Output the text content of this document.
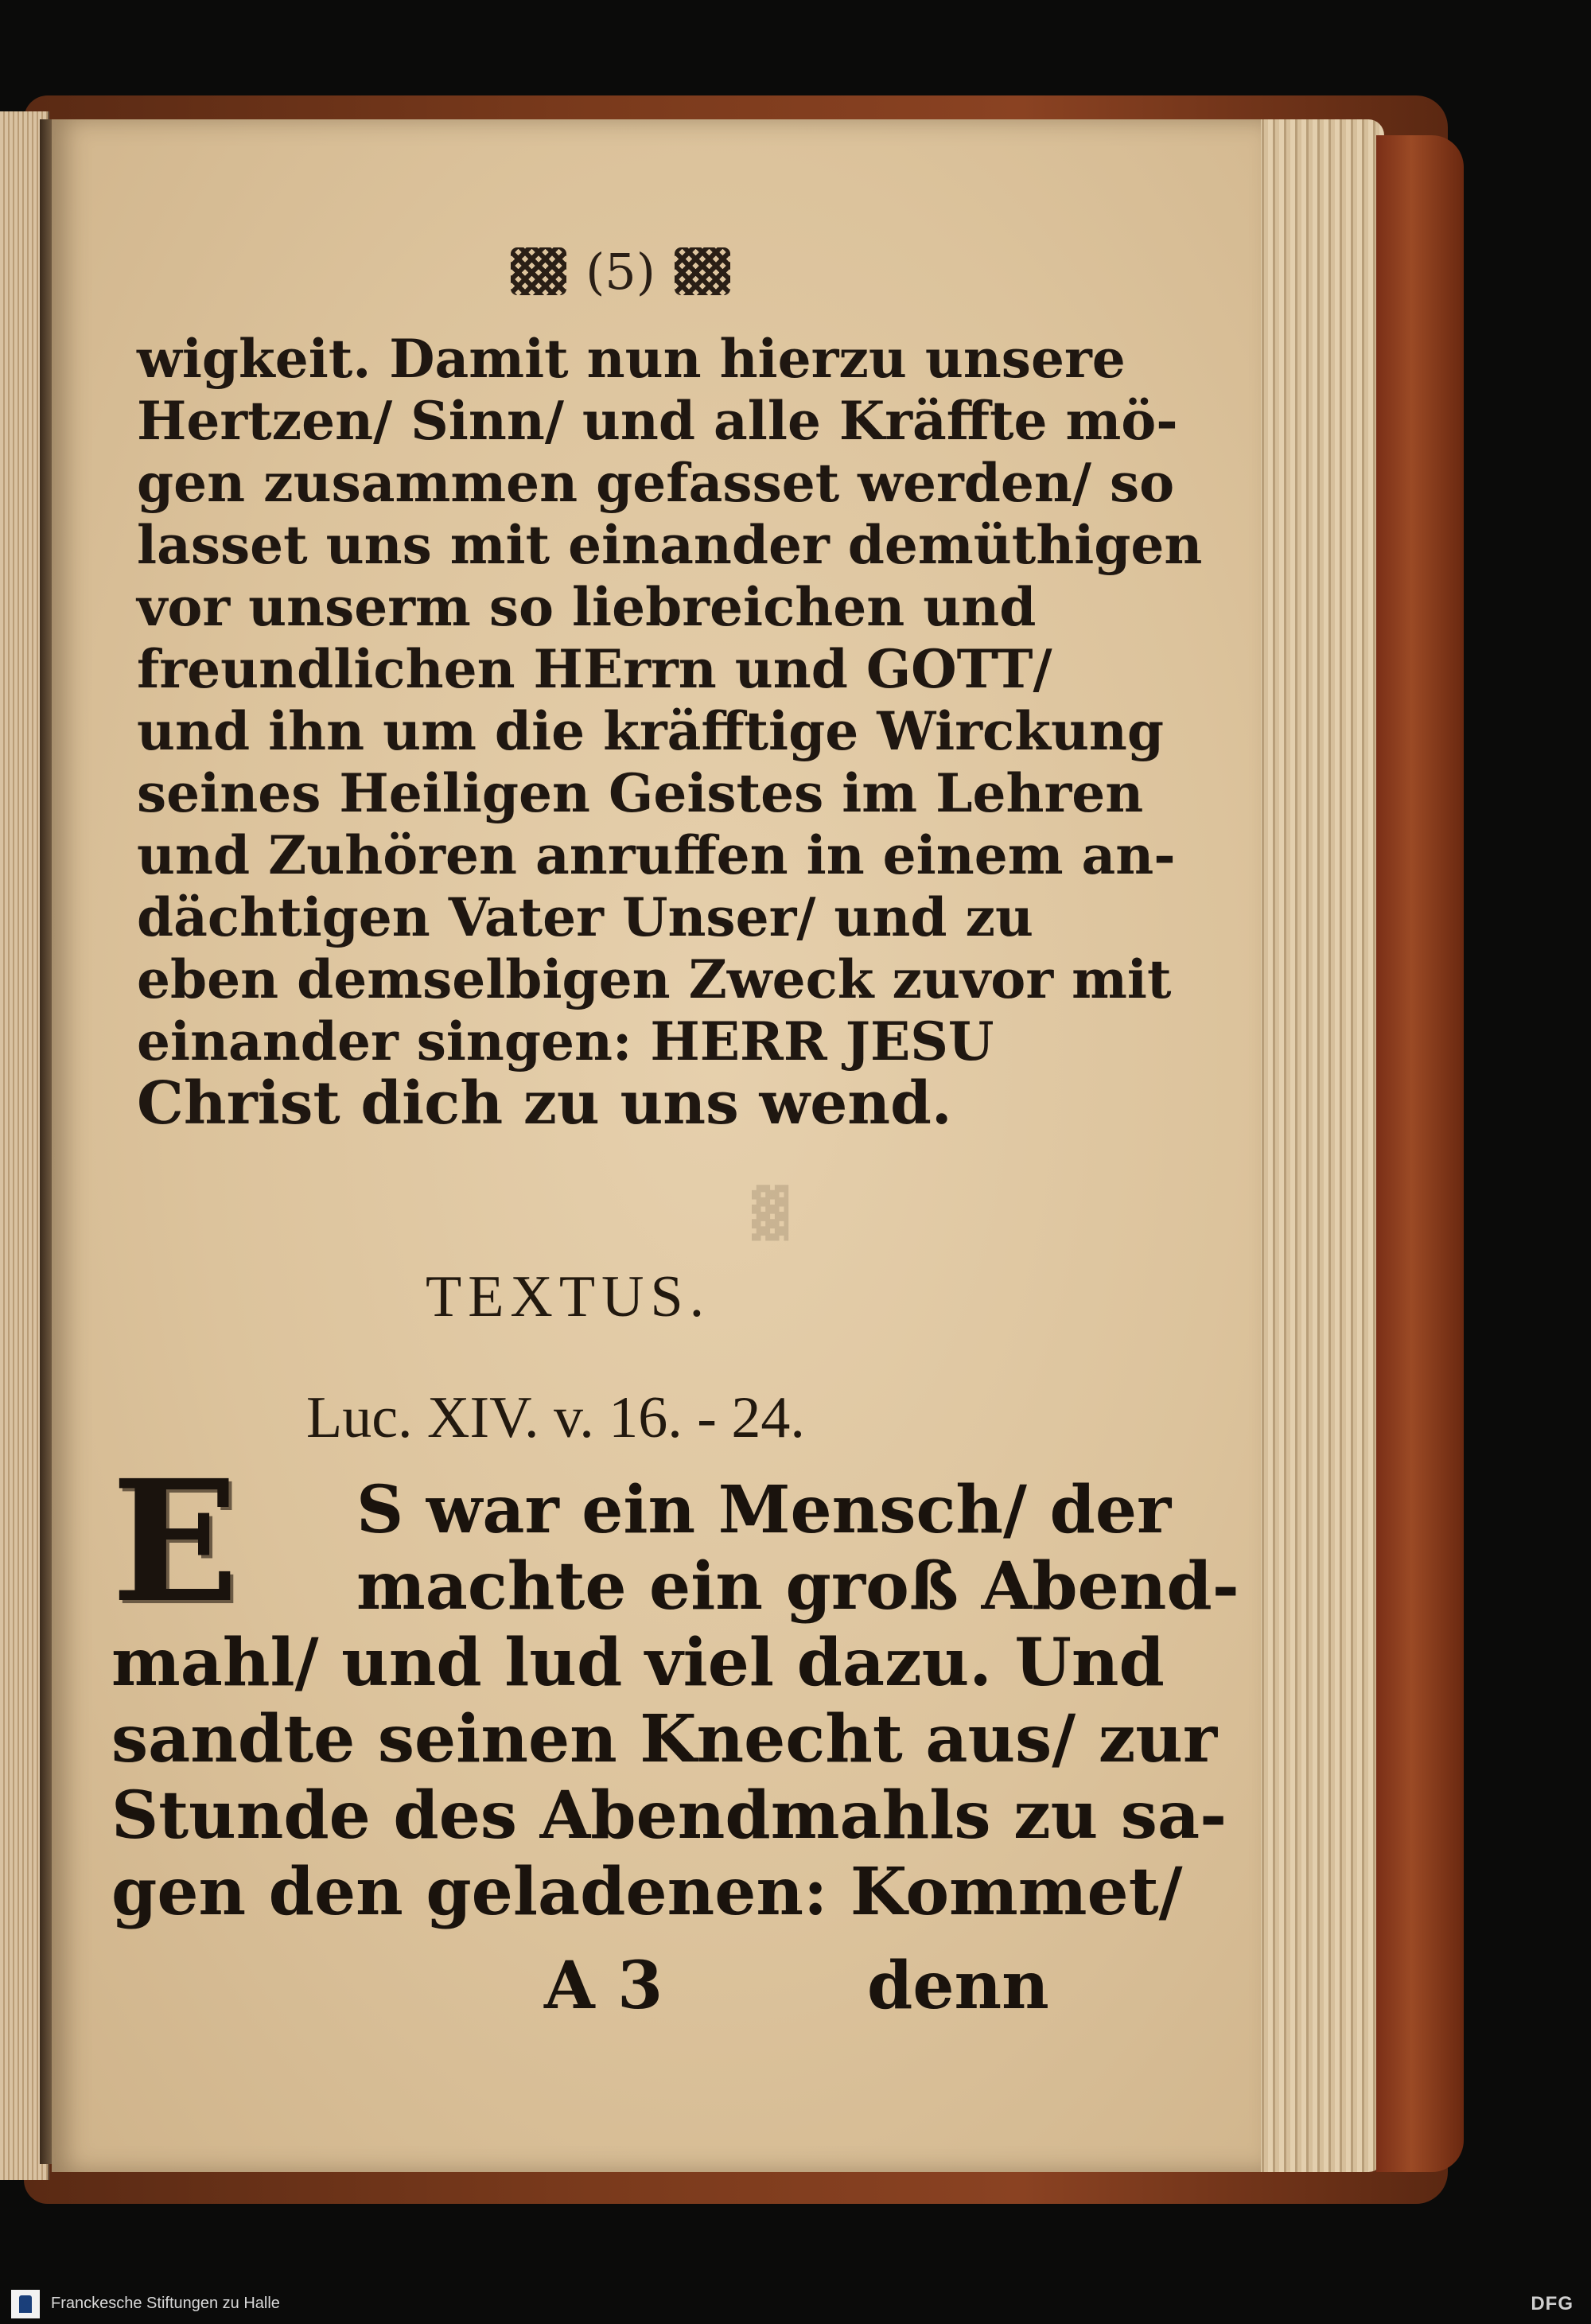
▓
(5)
wigkeit. Damit nun hierzu unsere
Hertzen/ Sinn/ und alle Kräffte mö-
gen zusammen gefasset werden/ so
lasset uns mit einander demüthigen
vor unserm so liebreichen und
freundlichen HErrn und GOTT/
und ihn um die kräfftige Wirckung
seines Heiligen Geistes im Lehren
und Zuhören anruffen in einem an-
dächtigen Vater Unser/ und zu
eben demselbigen Zweck zuvor mit
einander singen: HERR JESU
Christ dich zu uns wend.
TEXTUS.
Luc. XIV. v. 16. - 24.
E	S war ein Mensch/ der
machte ein groß Abend-
mahl/ und lud viel dazu. Und
sandte seinen Knecht aus/ zur
Stunde des Abendmahls zu sa-
gen den geladenen: Kommet/
A 3	denn
Franckesche Stiftungen zu Halle	DFG
